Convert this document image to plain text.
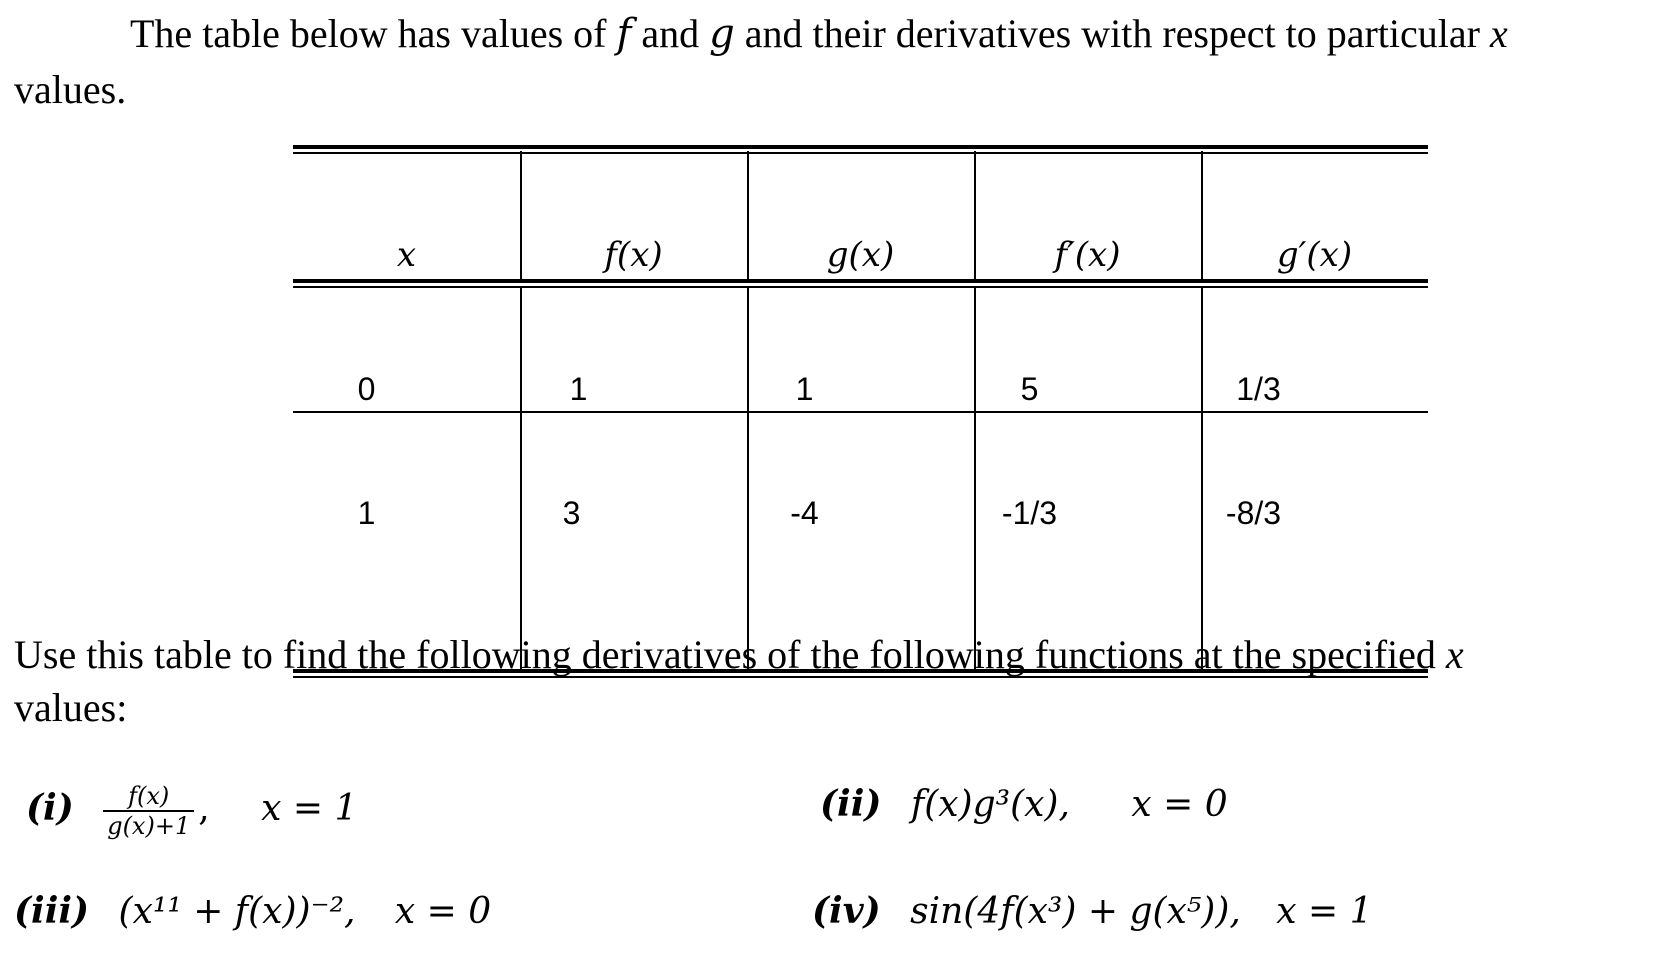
The table below has values of f and g and their derivatives with respect to particular x

values.

x	f(x)	g(x)	f′(x)	g′(x)
0	1	1	5	1/3
1	3	-4	-1/3	-8/3

Use this table to find the following derivatives of the following functions at the specified x

values:

$(i) \frac{f(x)}{g(x)+1}$ , x = 1	(ii) f(x)g³(x), x = 0
(iii) (x¹¹ + f(x))⁻², x = 0	(iv) sin(4f(x³) + g(x⁵)), x = 1
